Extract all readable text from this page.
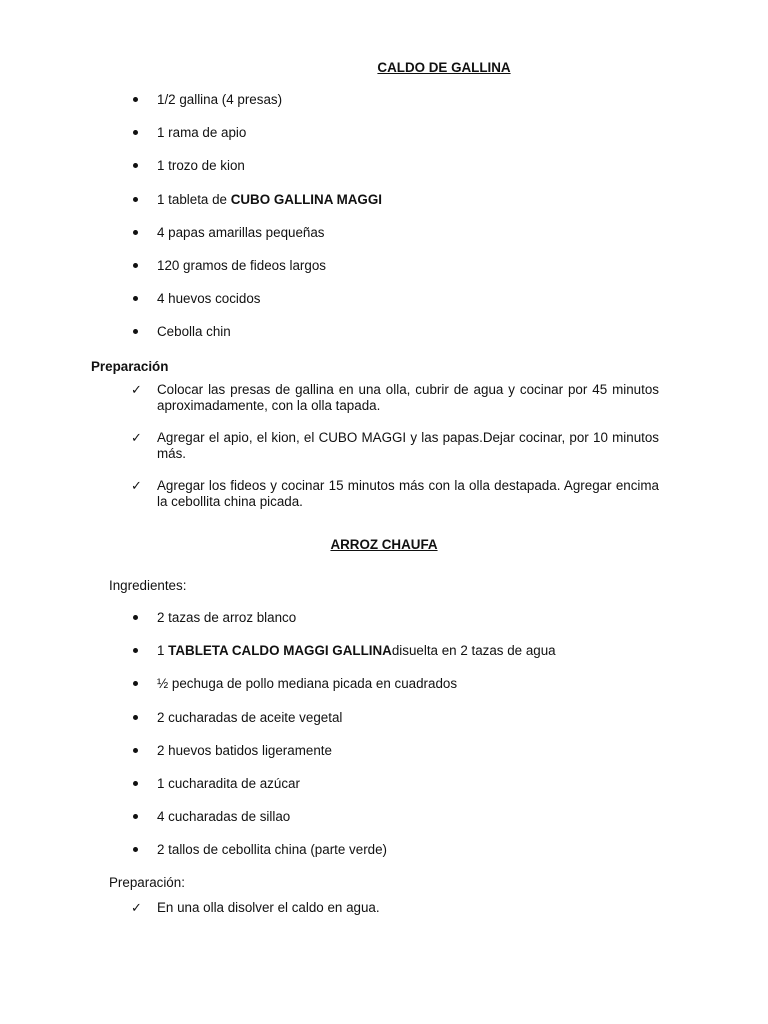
CALDO DE GALLINA
1/2 gallina (4 presas)
1 rama de apio
1 trozo de kion
1 tableta de CUBO GALLINA MAGGI
4 papas amarillas pequeñas
120 gramos de fideos largos
4 huevos cocidos
Cebolla chin
Preparación
✓ Colocar las presas de gallina en una olla, cubrir de agua y cocinar por 45 minutos aproximadamente, con la olla tapada.
✓ Agregar el apio, el kion, el CUBO MAGGI y las papas.Dejar cocinar, por 10 minutos más.
✓ Agregar los fideos y cocinar 15 minutos más con la olla destapada. Agregar encima la cebollita china picada.
ARROZ CHAUFA
Ingredientes:
2 tazas de arroz blanco
1 TABLETA CALDO MAGGI GALLINAdisuelta en 2 tazas de agua
½ pechuga de pollo mediana picada en cuadrados
2 cucharadas de aceite vegetal
2 huevos batidos ligeramente
1 cucharadita de azúcar
4 cucharadas de sillao
2 tallos de cebollita china (parte verde)
Preparación:
✓ En una olla disolver el caldo en agua.
